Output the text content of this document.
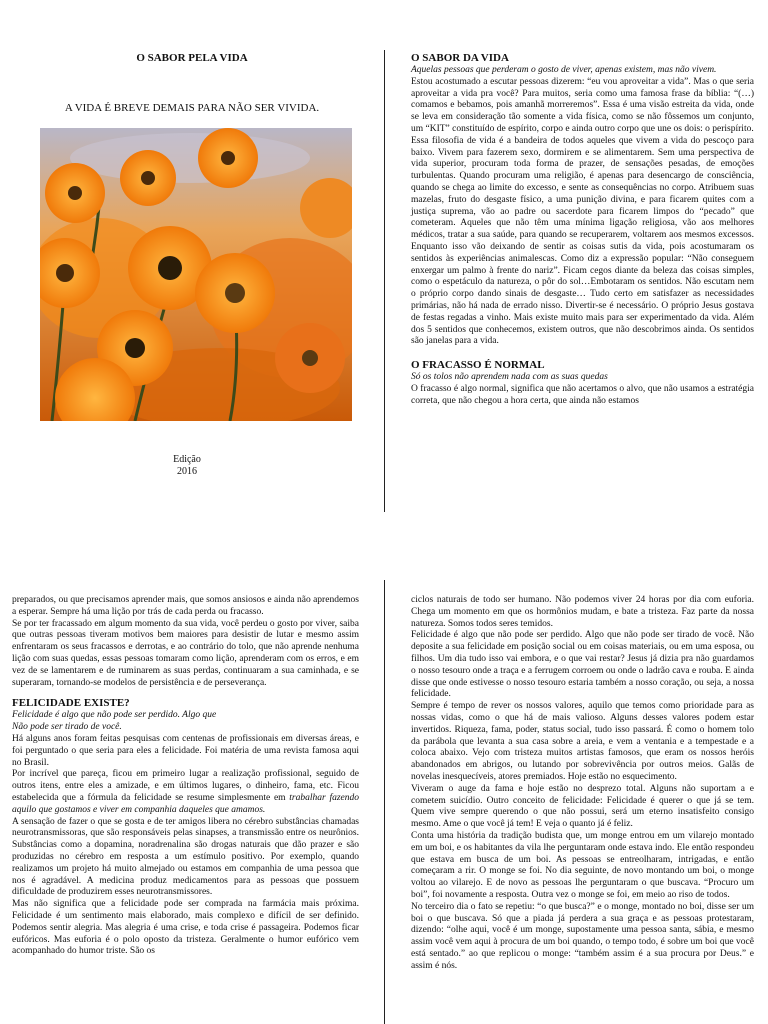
O SABOR PELA VIDA
A VIDA É BREVE DEMAIS PARA NÃO SER VIVIDA.
Edição
2016
O SABOR DA VIDA

Aquelas pessoas que perderam o gosto de viver, apenas existem, mas não vivem.

Estou acostumado a escutar pessoas dizerem: “eu vou aproveitar a vida”. Mas o que seria aproveitar a vida pra você? Para muitos, seria como uma famosa frase da bíblia: “(…) comamos e bebamos, pois amanhã morreremos”. Essa é uma visão estreita da vida, onde se leva em consideração tão somente a vida física, como se não fôssemos um conjunto, um “KIT” constituído de espírito, corpo e ainda outro corpo que une os dois: o perispírito.

Essa filosofia de vida é a bandeira de todos aqueles que vivem a vida do pescoço para baixo. Vivem para fazerem sexo, dormirem e se alimentarem. Sem uma perspectiva de vida superior, procuram toda forma de prazer, de sensações pesadas, de emoções turbulentas. Quando procuram uma religião, é apenas para desencargo de consciência, quando se chega ao limite do excesso, e sente as consequências no corpo. Atribuem suas mazelas, fruto do desgaste físico, a uma punição divina, e para ficarem quites com a justiça suprema, vão ao padre ou sacerdote para ficarem limpos do “pecado” que cometeram. Aqueles que não têm uma mínima ligação religiosa, vão aos melhores médicos, tratar a sua saúde, para quando se recuperarem, voltarem aos mesmos excessos. Enquanto isso vão deixando de sentir as coisas sutis da vida, pois acostumaram os sentidos às experiências animalescas. Como diz a expressão popular: “Não conseguem enxergar um palmo à frente do nariz”. Ficam cegos diante da beleza das coisas simples, como o espetáculo da natureza, o pôr do sol…Embotaram os sentidos. Não escutam nem o próprio corpo dando sinais de desgaste… Tudo certo em satisfazer as necessidades primárias, não há nada de errado nisso. Divertir-se é necessário. O próprio Jesus gostava de festas regadas a vinho. Mais existe muito mais para ser experimentado da vida. Além dos 5 sentidos que conhecemos, existem outros, que não descobrimos ainda. Os sentidos são janelas para a vida.

O FRACASSO É NORMAL

Só os tolos não aprendem nada com as suas quedas

O fracasso é algo normal, significa que não acertamos o alvo, que não usamos a estratégia correta, que não chegou a hora certa, que ainda não estamos

preparados, ou que precisamos aprender mais, que somos ansiosos e ainda não aprendemos a esperar. Sempre há uma lição por trás de cada perda ou fracasso.

Se por ter fracassado em algum momento da sua vida, você perdeu o gosto por viver, saiba que outras pessoas tiveram motivos bem maiores para desistir de lutar e mesmo assim enfrentaram os seus fracassos e derrotas, e ao contrário do tolo, que não aprende nenhuma lição com suas quedas, essas pessoas tomaram como lição, aprenderam com os erros, e em vez de se lamentarem e de ruminarem as suas perdas, continuaram a sua caminhada, e se superaram, tornando-se modelos de persistência e de perseverança.

FELICIDADE EXISTE?

Felicidade é algo que não pode ser perdido. Algo que

Não pode ser tirado de você.

Há alguns anos foram feitas pesquisas com centenas de profissionais em diversas áreas, e foi perguntado o que seria para eles a felicidade. Foi matéria de uma revista famosa aqui no Brasil.

Por incrível que pareça, ficou em primeiro lugar a realização profissional, seguido de outros itens, entre eles a amizade, e em últimos lugares, o dinheiro, fama, etc. Ficou estabelecida que a fórmula da felicidade se resume simplesmente em trabalhar fazendo aquilo que gostamos e viver em companhia daqueles que amamos.

A sensação de fazer o que se gosta e de ter amigos libera no cérebro substâncias chamadas neurotransmissoras, que são responsáveis pelas sinapses, a transmissão entre os neurônios. Substâncias como a dopamina, noradrenalina são drogas naturais que dão prazer e são produzidas no cérebro em resposta a um estímulo positivo. Por exemplo, quando realizamos um projeto há muito almejado ou estamos em companhia de uma pessoa que nos é agradável. A medicina produz medicamentos para as pessoas que possuem dificuldade de produzirem esses neurotransmissores.

Mas não significa que a felicidade pode ser comprada na farmácia mais próxima. Felicidade é um sentimento mais elaborado, mais complexo e difícil de ser definido. Podemos sentir alegria. Mas alegria é uma crise, e toda crise é passageira. Podemos ficar eufóricos. Mas euforia é o polo oposto da tristeza. Geralmente o humor eufórico vem acompanhado do humor triste. São os

ciclos naturais de todo ser humano. Não podemos viver 24 horas por dia com euforia. Chega um momento em que os hormônios mudam, e bate a tristeza. Faz parte da nossa natureza. Somos todos seres temidos.

Felicidade é algo que não pode ser perdido. Algo que não pode ser tirado de você. Não deposite a sua felicidade em posição social ou em coisas materiais, ou em uma esposa, ou filhos. Um dia tudo isso vai embora, e o que vai restar? Jesus já dizia pra não guardamos o nosso tesouro onde a traça e a ferrugem corroem ou onde o ladrão cava e rouba. E ainda disse que onde estivesse o nosso tesouro estaria também a nosso coração, ou seja, a nossa felicidade.

Sempre é tempo de rever os nossos valores, aquilo que temos como prioridade para as nossas vidas, como o que há de mais valioso. Alguns desses valores podem estar invertidos. Riqueza, fama, poder, status social, tudo isso passará. É como o homem tolo da parábola que levanta a sua casa sobre a areia, e vem a ventania e a tempestade e a coloca abaixo. Vejo com tristeza muitos artistas famosos, que eram os nossos heróis abandonados em abrigos, ou lutando por sobrevivência por outros meios. Galãs de novelas inesquecíveis, atores premiados. Hoje estão no esquecimento.

Viveram o auge da fama e hoje estão no desprezo total. Alguns não suportam a e cometem suicídio. Outro conceito de felicidade: Felicidade é querer o que já se tem. Quem vive sempre querendo o que não possui, será um eterno insatisfeito consigo mesmo. Ame o que você já tem! E veja o quanto já é feliz.

Conta uma história da tradição budista que, um monge entrou em um vilarejo montado em um boi, e os habitantes da vila lhe perguntaram onde estava indo. Ele então respondeu que estava em busca de um boi. As pessoas se entreolharam, intrigadas, e então começaram a rir. O monge se foi. No dia seguinte, de novo montando um boi, o monge voltou ao vilarejo. E de novo as pessoas lhe perguntaram o que buscava. “Procuro um boi”, foi novamente a resposta. Outra vez o monge se foi, em meio ao riso de todos.

No terceiro dia o fato se repetiu: “o que busca?” e o monge, montado no boi, disse ser um boi o que buscava. Só que a piada já perdera a sua graça e as pessoas protestaram, dizendo: “olhe aqui, você é um monge, supostamente uma pessoa santa, sábia, e mesmo assim você vem aqui à procura de um boi quando, o tempo todo, é sobre um boi que você está sentado.” ao que replicou o monge: “também assim é a sua procura por Deus.” e assim é nós.
